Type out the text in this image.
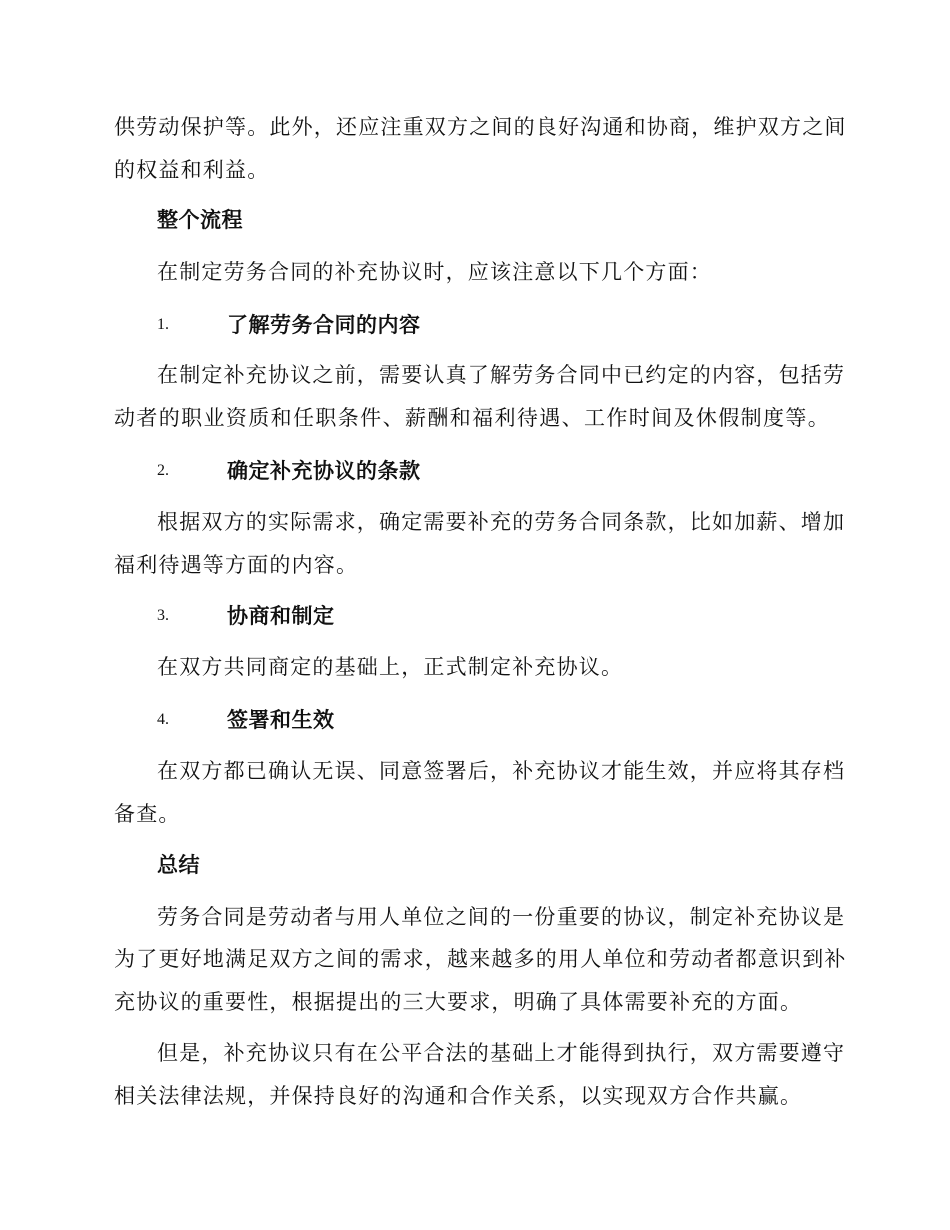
供劳动保护等。此外，还应注重双方之间的良好沟通和协商，维护双方之间
的权益和利益。
整个流程
在制定劳务合同的补充协议时，应该注意以下几个方面：
1.	了解劳务合同的内容
在制定补充协议之前，需要认真了解劳务合同中已约定的内容，包括劳
动者的职业资质和任职条件、薪酬和福利待遇、工作时间及休假制度等。
2.	确定补充协议的条款
根据双方的实际需求，确定需要补充的劳务合同条款，比如加薪、增加
福利待遇等方面的内容。
3.	协商和制定
在双方共同商定的基础上，正式制定补充协议。
4.	签署和生效
在双方都已确认无误、同意签署后，补充协议才能生效，并应将其存档
备查。
总结
劳务合同是劳动者与用人单位之间的一份重要的协议，制定补充协议是
为了更好地满足双方之间的需求，越来越多的用人单位和劳动者都意识到补
充协议的重要性，根据提出的三大要求，明确了具体需要补充的方面。
但是，补充协议只有在公平合法的基础上才能得到执行，双方需要遵守
相关法律法规，并保持良好的沟通和合作关系，以实现双方合作共赢。
